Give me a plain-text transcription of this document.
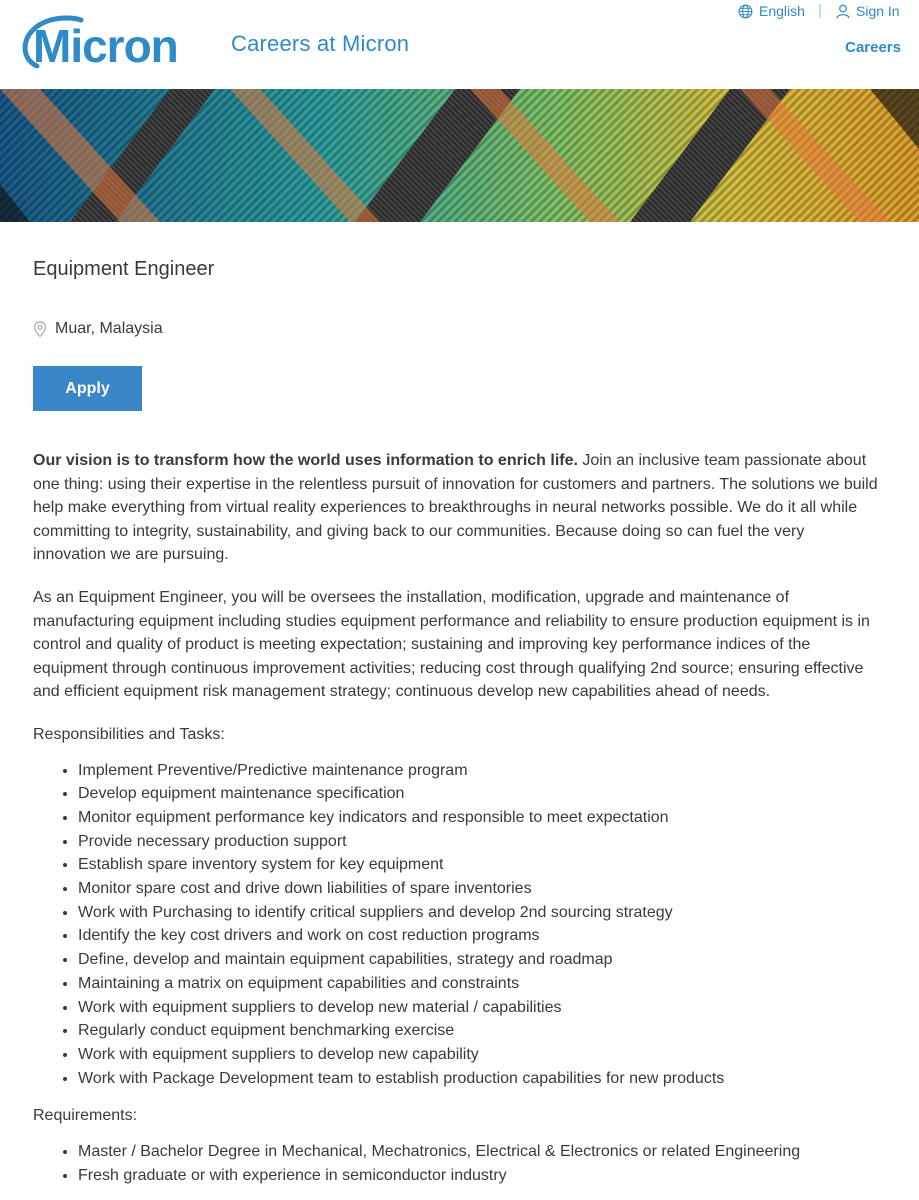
Micron Careers at Micron
English | Sign In
Careers
Equipment Engineer
Muar, Malaysia
Apply

Our vision is to transform how the world uses information to enrich life. Join an inclusive team passionate about one thing: using their expertise in the relentless pursuit of innovation for customers and partners. The solutions we build help make everything from virtual reality experiences to breakthroughs in neural networks possible. We do it all while committing to integrity, sustainability, and giving back to our communities. Because doing so can fuel the very innovation we are pursuing.

As an Equipment Engineer, you will be oversees the installation, modification, upgrade and maintenance of manufacturing equipment including studies equipment performance and reliability to ensure production equipment is in control and quality of product is meeting expectation; sustaining and improving key performance indices of the equipment through continuous improvement activities; reducing cost through qualifying 2nd source; ensuring effective and efficient equipment risk management strategy; continuous develop new capabilities ahead of needs.

Responsibilities and Tasks:

• Implement Preventive/Predictive maintenance program
• Develop equipment maintenance specification
• Monitor equipment performance key indicators and responsible to meet expectation
• Provide necessary production support
• Establish spare inventory system for key equipment
• Monitor spare cost and drive down liabilities of spare inventories
• Work with Purchasing to identify critical suppliers and develop 2nd sourcing strategy
• Identify the key cost drivers and work on cost reduction programs
• Define, develop and maintain equipment capabilities, strategy and roadmap
• Maintaining a matrix on equipment capabilities and constraints
• Work with equipment suppliers to develop new material / capabilities
• Regularly conduct equipment benchmarking exercise
• Work with equipment suppliers to develop new capability
• Work with Package Development team to establish production capabilities for new products

Requirements:

• Master / Bachelor Degree in Mechanical, Mechatronics, Electrical & Electronics or related Engineering
• Fresh graduate or with experience in semiconductor industry
